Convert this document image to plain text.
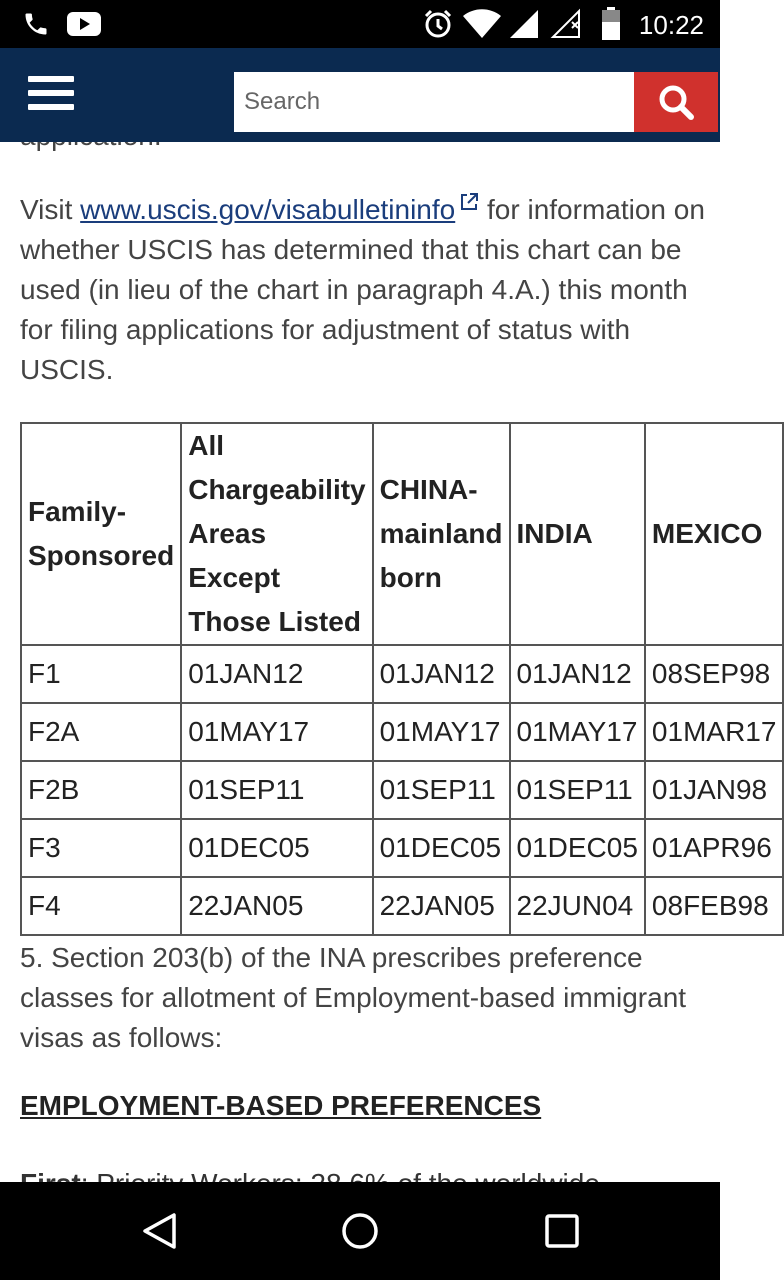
10:22
Search

Visit www.uscis.gov/visabulletininfo for information on whether USCIS has determined that this chart can be used (in lieu of the chart in paragraph 4.A.) this month for filing applications for adjustment of status with USCIS.

Family-Sponsored	All Chargeability Areas Except Those Listed	CHINA-mainland born	INDIA	MEXICO
F1	01JAN12	01JAN12	01JAN12	08SEP98
F2A	01MAY17	01MAY17	01MAY17	01MAR17
F2B	01SEP11	01SEP11	01SEP11	01JAN98
F3	01DEC05	01DEC05	01DEC05	01APR96
F4	22JAN05	22JAN05	22JUN04	08FEB98

5. Section 203(b) of the INA prescribes preference classes for allotment of Employment-based immigrant visas as follows:

EMPLOYMENT-BASED PREFERENCES
